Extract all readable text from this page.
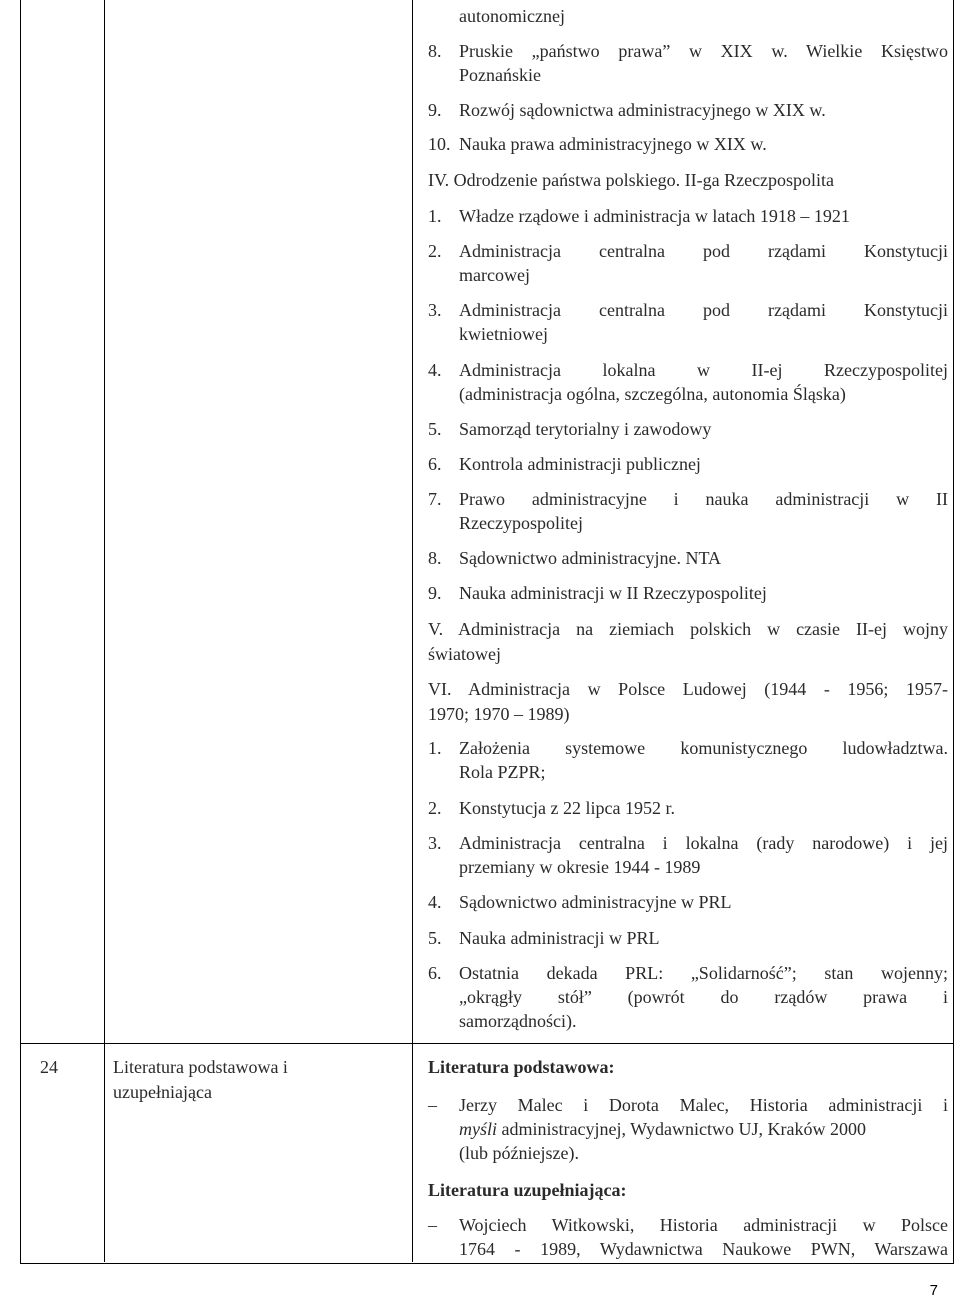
24	Literatura podstawowa i
uzupełniająca
autonomicznej
8. Pruskie „państwo prawa” w XIX w. Wielkie Księstwo
Poznańskie
9. Rozwój sądownictwa administracyjnego w XIX w.
10. Nauka prawa administracyjnego w XIX w.
IV. Odrodzenie państwa polskiego. II-ga Rzeczpospolita
1. Władze rządowe i administracja w latach 1918 – 1921
2. Administracja centralna pod rządami Konstytucji
marcowej
3. Administracja centralna pod rządami Konstytucji
kwietniowej
4. Administracja lokalna w II-ej Rzeczypospolitej
(administracja ogólna, szczególna, autonomia Śląska)
5. Samorząd terytorialny i zawodowy
6. Kontrola administracji publicznej
7. Prawo administracyjne i nauka administracji w II
Rzeczypospolitej
8. Sądownictwo administracyjne. NTA
9. Nauka administracji w II Rzeczypospolitej
V. Administracja na ziemiach polskich w czasie II-ej wojny
światowej
VI. Administracja w Polsce Ludowej (1944 - 1956; 1957-
1970; 1970 – 1989)
1. Założenia systemowe komunistycznego ludowładztwa.
Rola PZPR;
2. Konstytucja z 22 lipca 1952 r.
3. Administracja centralna i lokalna (rady narodowe) i jej
przemiany w okresie 1944 - 1989
4. Sądownictwo administracyjne w PRL
5. Nauka administracji w PRL
6. Ostatnia dekada PRL: „Solidarność”; stan wojenny;
„okrągły stół” (powrót do rządów prawa i
samorządności).
Literatura podstawowa:
– Jerzy Malec i Dorota Malec, Historia administracji i
myśli administracyjnej, Wydawnictwo UJ, Kraków 2000
(lub późniejsze).
Literatura uzupełniająca:
– Wojciech Witkowski, Historia administracji w Polsce
1764 - 1989, Wydawnictwa Naukowe PWN, Warszawa
7
